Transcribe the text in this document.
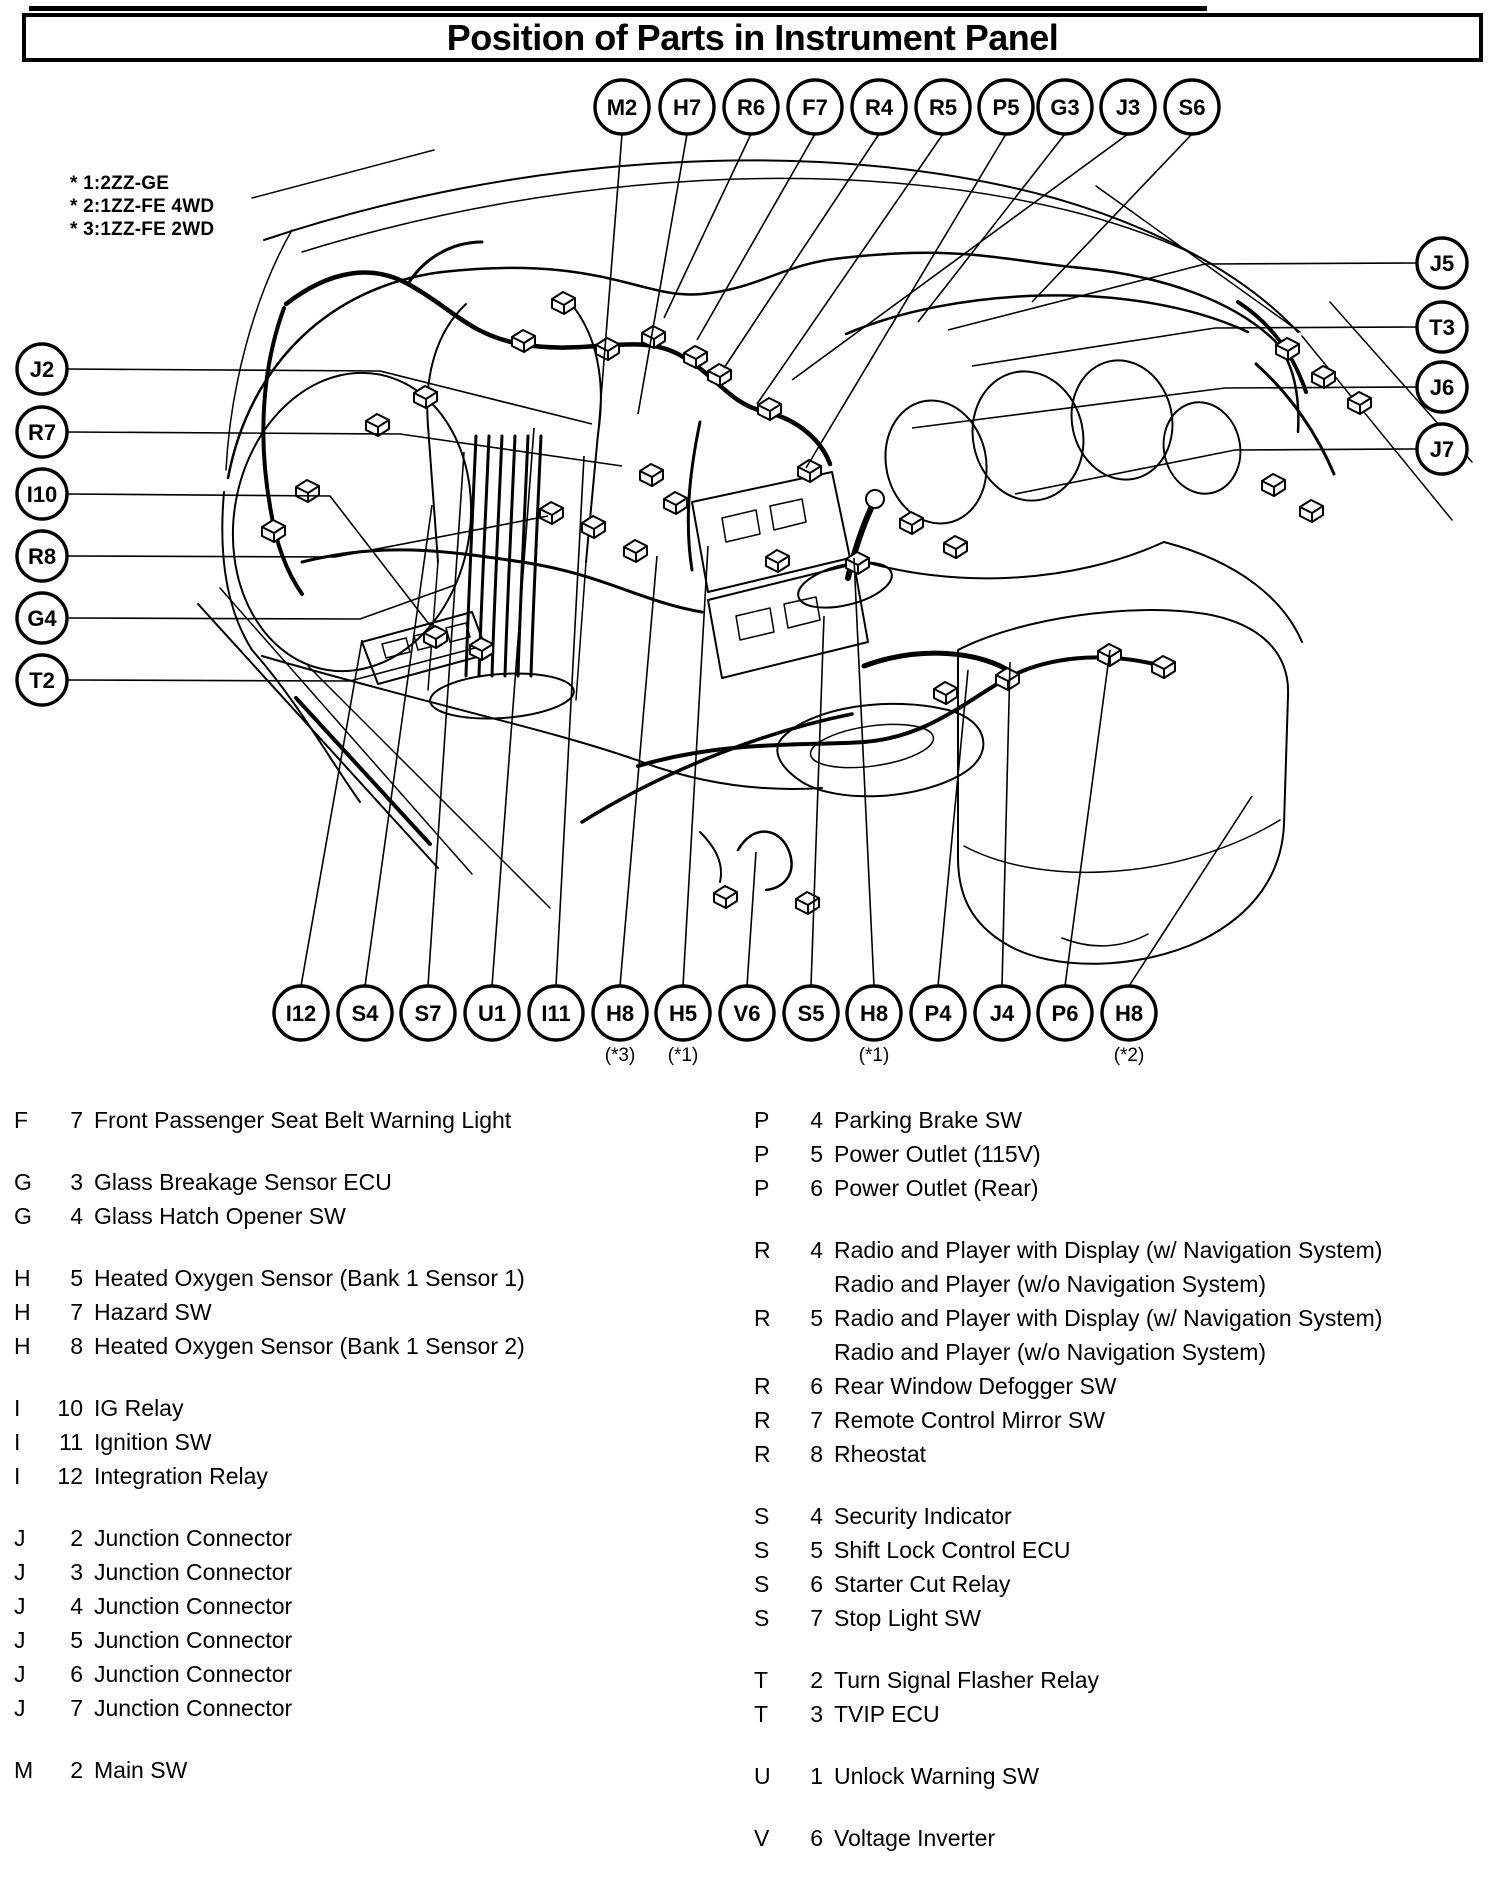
Position of Parts in Instrument Panel
* 1:2ZZ-GE
* 2:1ZZ-FE 4WD
* 3:1ZZ-FE 2WD
M2 H7 R6 F7 R4 R5 P5 G3 J3 S6
J2
R7
I10
R8
G4
T2
J5
T3
J6
J7
I12 S4 S7 U1 I11 H8
(*3)
H5
(*1)
V6 S5 H8
(*1)
P4 J4 P6 H8
(*2)
F	7 Front Passenger Seat Belt Warning Light
G	3 Glass Breakage Sensor ECU
G	4 Glass Hatch Opener SW
H	5 Heated Oxygen Sensor (Bank 1 Sensor 1)
H	7 Hazard SW
H	8 Heated Oxygen Sensor (Bank 1 Sensor 2)
I	10 IG Relay
I	11 Ignition SW
I	12 Integration Relay
J	2 Junction Connector
J	3 Junction Connector
J	4 Junction Connector
J	5 Junction Connector
J	6 Junction Connector
J	7 Junction Connector
M	2 Main SW
P	4 Parking Brake SW
P	5 Power Outlet (115V)
P	6 Power Outlet (Rear)
R	4 Radio and Player with Display (w/ Navigation System)
Radio and Player (w/o Navigation System)
R	5 Radio and Player with Display (w/ Navigation System)
Radio and Player (w/o Navigation System)
R	6 Rear Window Defogger SW
R	7 Remote Control Mirror SW
R	8 Rheostat
S	4 Security Indicator
S	5 Shift Lock Control ECU
S	6 Starter Cut Relay
S	7 Stop Light SW
T	2 Turn Signal Flasher Relay
T	3 TVIP ECU
U	1 Unlock Warning SW
V	6 Voltage Inverter
